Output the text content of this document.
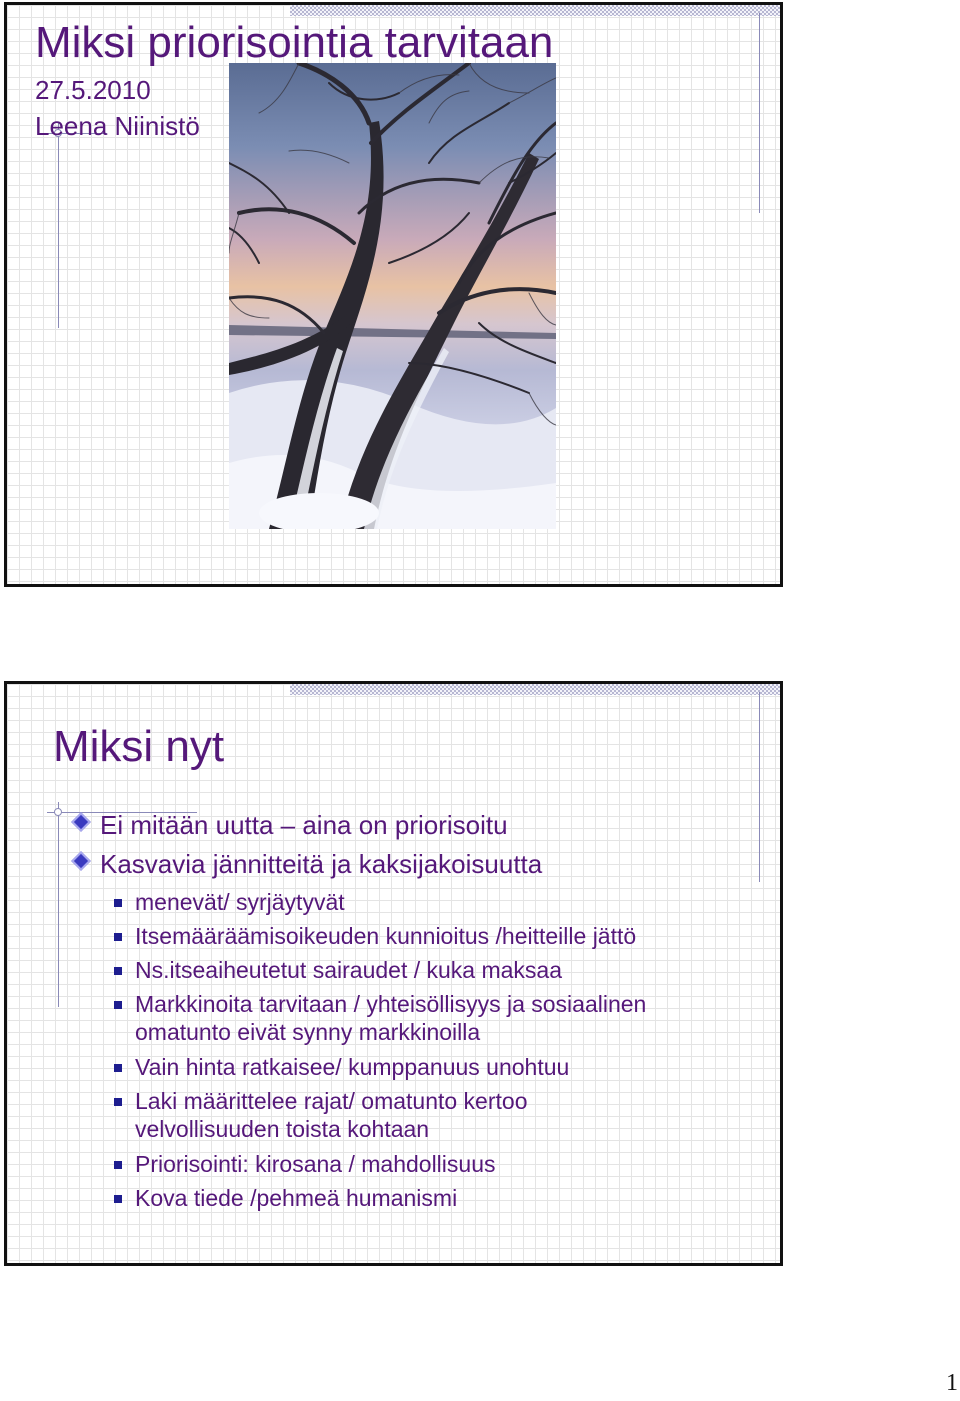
Miksi priorisointia tarvitaan

27.5.2010

Leena Niinistö

Miksi nyt
Ei mitään uutta – aina on priorisoitu
Kasvavia jännitteitä ja kaksijakoisuutta
menevät/ syrjäytyvät
Itsemääräämisoikeuden kunnioitus /heitteille jättö
Ns.itseaiheutetut sairaudet / kuka maksaa
Markkinoita tarvitaan / yhteisöllisyys ja sosiaalinen
omatunto eivät synny markkinoilla
Vain hinta ratkaisee/ kumppanuus unohtuu
Laki määrittelee rajat/ omatunto kertoo
velvollisuuden toista kohtaan
Priorisointi: kirosana / mahdollisuus
Kova tiede /pehmeä humanismi
1
